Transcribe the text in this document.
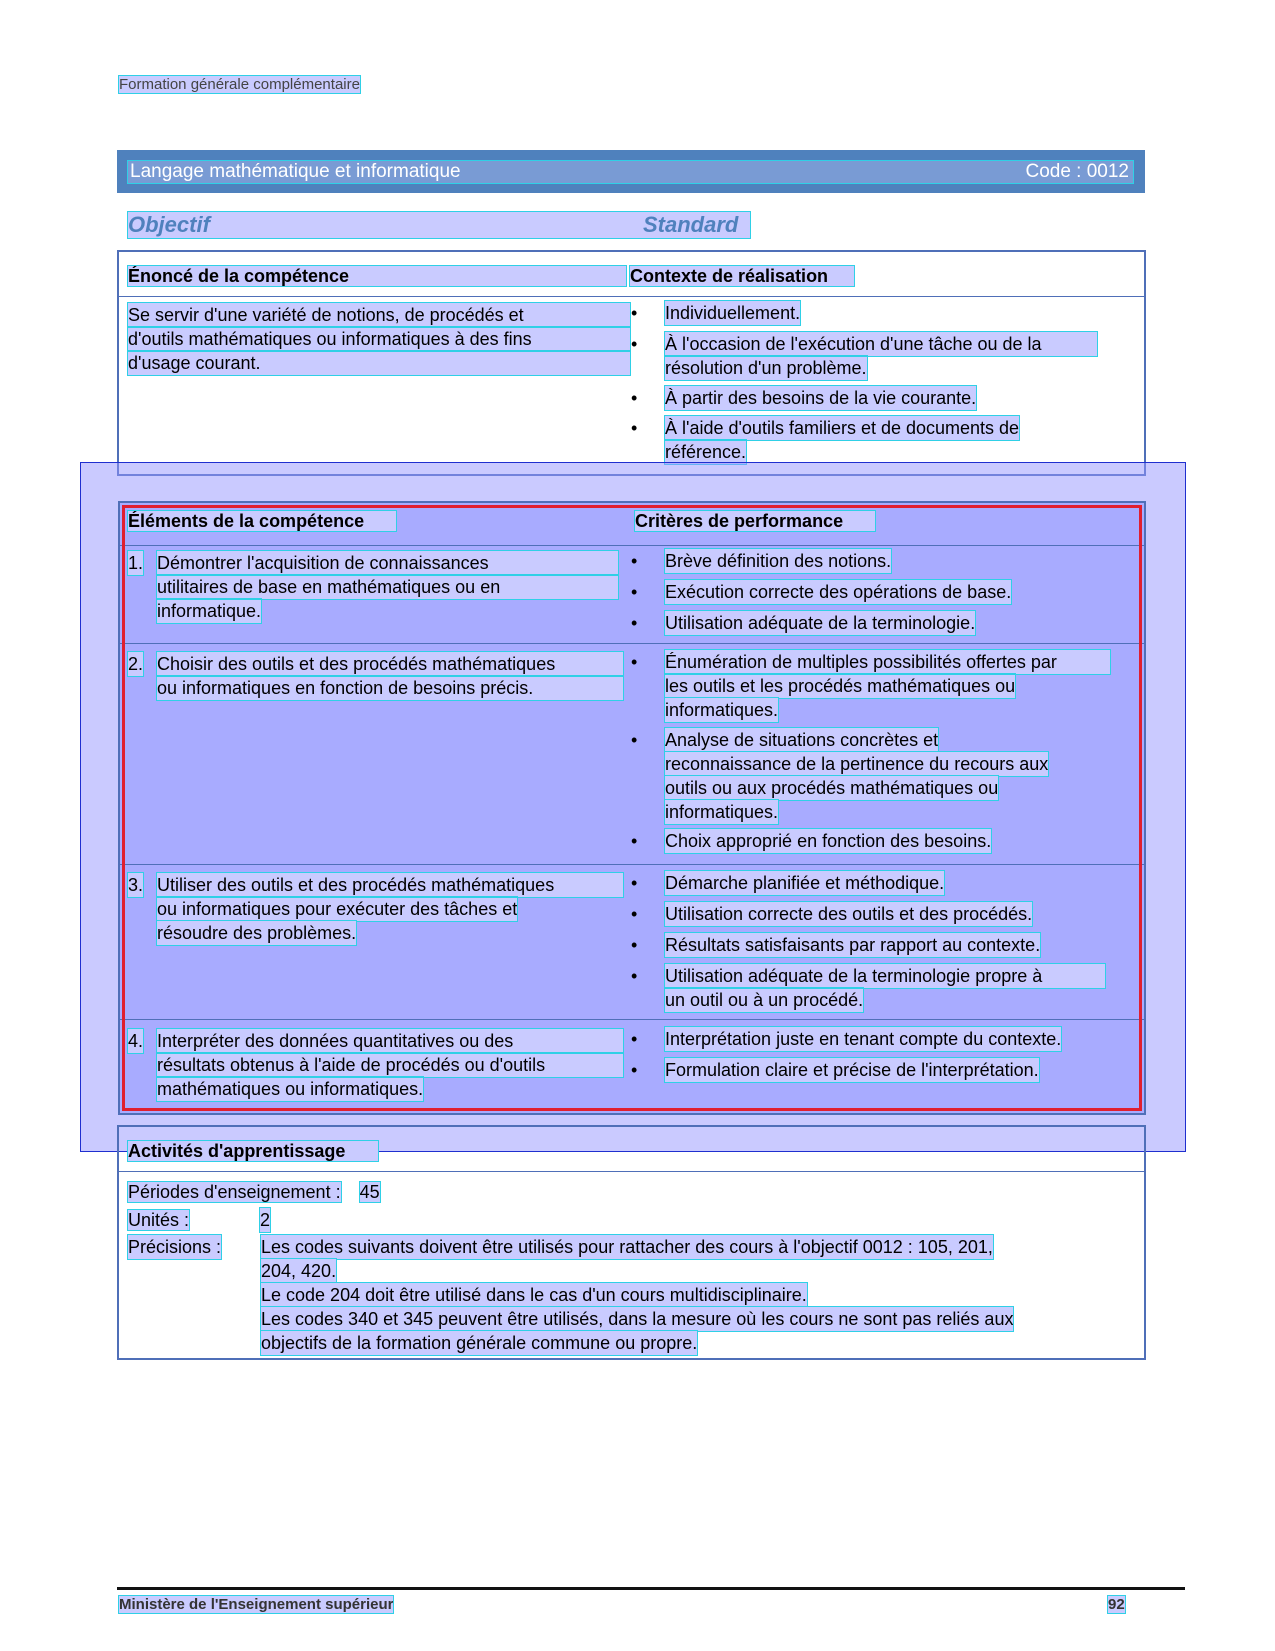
Formation générale complémentaire
Langage mathématique et informatique	Code : 0012
Objectif	Standard
Énoncé de la compétence	Contexte de réalisation
Se servir d'une variété de notions, de procédés et
d'outils mathématiques ou informatiques à des fins
d'usage courant.
• Individuellement.
• À l'occasion de l'exécution d'une tâche ou de la
résolution d'un problème.
• À partir des besoins de la vie courante.
• À l'aide d'outils familiers et de documents de
référence.
Éléments de la compétence	Critères de performance
1. Démontrer l'acquisition de connaissances
utilitaires de base en mathématiques ou en
informatique.
• Brève définition des notions.
• Exécution correcte des opérations de base.
• Utilisation adéquate de la terminologie.
2. Choisir des outils et des procédés mathématiques
ou informatiques en fonction de besoins précis.
• Énumération de multiples possibilités offertes par
les outils et les procédés mathématiques ou
informatiques.
• Analyse de situations concrètes et
reconnaissance de la pertinence du recours aux
outils ou aux procédés mathématiques ou
informatiques.
• Choix approprié en fonction des besoins.
3. Utiliser des outils et des procédés mathématiques
ou informatiques pour exécuter des tâches et
résoudre des problèmes.
• Démarche planifiée et méthodique.
• Utilisation correcte des outils et des procédés.
• Résultats satisfaisants par rapport au contexte.
• Utilisation adéquate de la terminologie propre à
un outil ou à un procédé.
4. Interpréter des données quantitatives ou des
résultats obtenus à l'aide de procédés ou d'outils
mathématiques ou informatiques.
• Interprétation juste en tenant compte du contexte.
• Formulation claire et précise de l'interprétation.
Activités d'apprentissage
Périodes d'enseignement : 45
Unités :	2
Précisions : Les codes suivants doivent être utilisés pour rattacher des cours à l'objectif 0012 : 105, 201,
204, 420.
Le code 204 doit être utilisé dans le cas d'un cours multidisciplinaire.
Les codes 340 et 345 peuvent être utilisés, dans la mesure où les cours ne sont pas reliés aux
objectifs de la formation générale commune ou propre.
Ministère de l'Enseignement supérieur	92
